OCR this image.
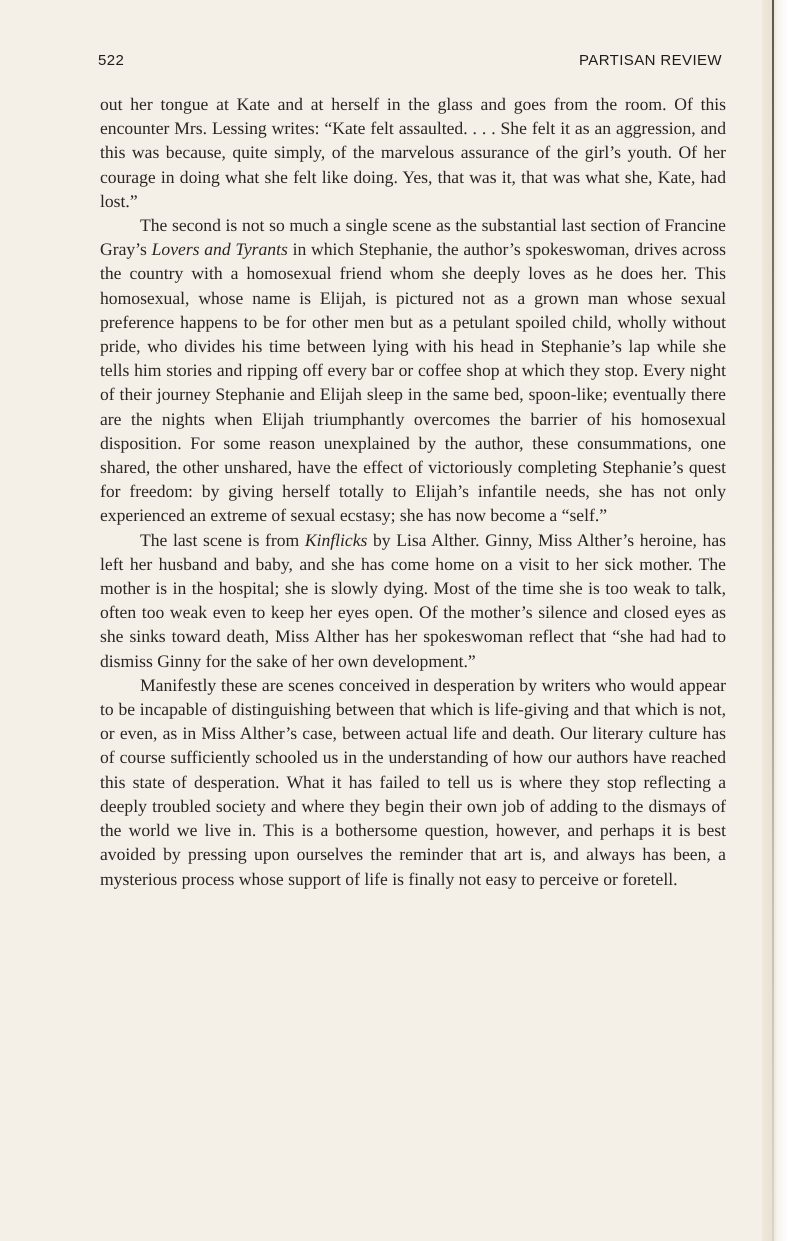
522	PARTISAN REVIEW

out her tongue at Kate and at herself in the glass and goes from the room. Of this encounter Mrs. Lessing writes: “Kate felt assaulted. . . . She felt it as an aggression, and this was because, quite simply, of the marvelous assurance of the girl’s youth. Of her courage in doing what she felt like doing. Yes, that was it, that was what she, Kate, had lost.”

The second is not so much a single scene as the substantial last section of Francine Gray’s Lovers and Tyrants in which Stephanie, the author’s spokeswoman, drives across the country with a homosexual friend whom she deeply loves as he does her. This homosexual, whose name is Elijah, is pictured not as a grown man whose sexual preference happens to be for other men but as a petulant spoiled child, wholly without pride, who divides his time between lying with his head in Stephanie’s lap while she tells him stories and ripping off every bar or coffee shop at which they stop. Every night of their journey Stephanie and Elijah sleep in the same bed, spoon-like; eventually there are the nights when Elijah triumphantly overcomes the barrier of his homosexual disposition. For some reason unexplained by the author, these consummations, one shared, the other unshared, have the effect of victoriously completing Stephanie’s quest for freedom: by giving herself totally to Elijah’s infantile needs, she has not only experienced an extreme of sexual ecstasy; she has now become a “self.”

The last scene is from Kinflicks by Lisa Alther. Ginny, Miss Alther’s heroine, has left her husband and baby, and she has come home on a visit to her sick mother. The mother is in the hospital; she is slowly dying. Most of the time she is too weak to talk, often too weak even to keep her eyes open. Of the mother’s silence and closed eyes as she sinks toward death, Miss Alther has her spokeswoman reflect that “she had had to dismiss Ginny for the sake of her own development.”

Manifestly these are scenes conceived in desperation by writers who would appear to be incapable of distinguishing between that which is life-giving and that which is not, or even, as in Miss Alther’s case, between actual life and death. Our literary culture has of course sufficiently schooled us in the understanding of how our authors have reached this state of desperation. What it has failed to tell us is where they stop reflecting a deeply troubled society and where they begin their own job of adding to the dismays of the world we live in. This is a bothersome question, however, and perhaps it is best avoided by pressing upon ourselves the reminder that art is, and always has been, a mysterious process whose support of life is finally not easy to perceive or foretell.
